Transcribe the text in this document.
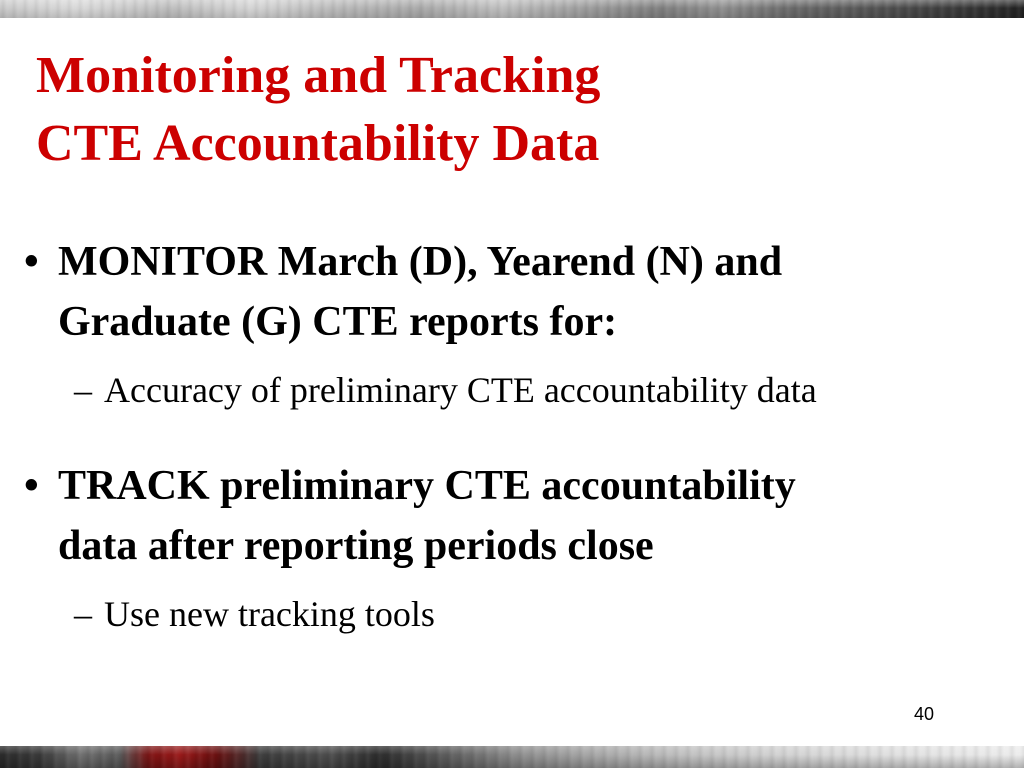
Monitoring and Tracking
CTE Accountability Data
• MONITOR March (D), Yearend (N) and
Graduate (G) CTE reports for:
– Accuracy of preliminary CTE accountability data
• TRACK preliminary CTE accountability
data after reporting periods close
– Use new tracking tools
40
